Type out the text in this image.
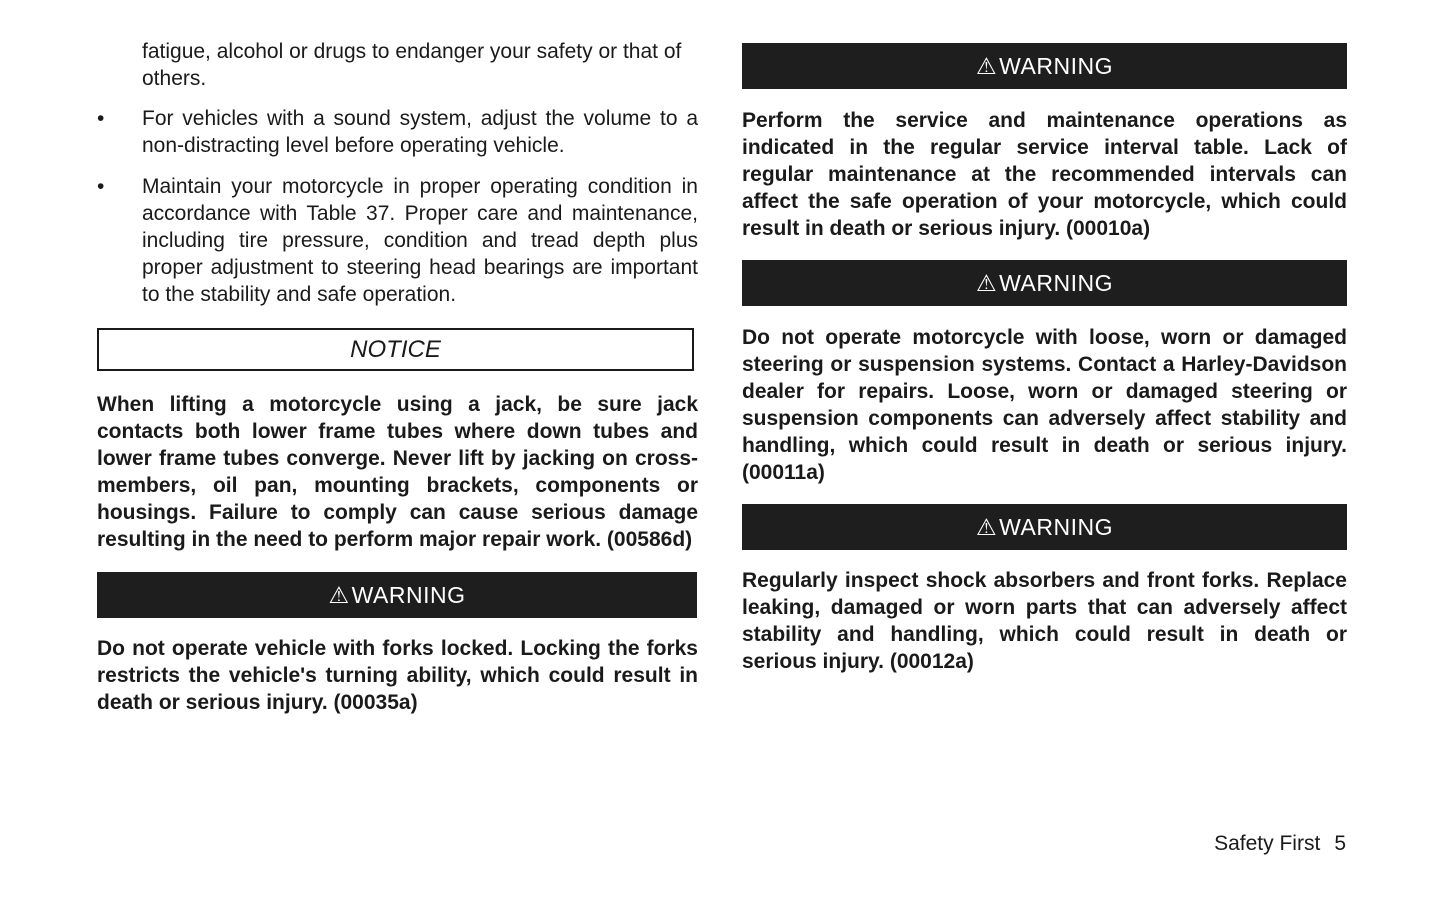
fatigue, alcohol or drugs to endanger your safety or that of others.

• For vehicles with a sound system, adjust the volume to a non-distracting level before operating vehicle.

• Maintain your motorcycle in proper operating condition in accordance with Table 37. Proper care and maintenance, including tire pressure, condition and tread depth plus proper adjustment to steering head bearings are important to the stability and safe operation.

NOTICE

When lifting a motorcycle using a jack, be sure jack contacts both lower frame tubes where down tubes and lower frame tubes converge. Never lift by jacking on cross-members, oil pan, mounting brackets, components or housings. Failure to comply can cause serious damage resulting in the need to perform major repair work. (00586d)

⚠ WARNING

Do not operate vehicle with forks locked. Locking the forks restricts the vehicle's turning ability, which could result in death or serious injury. (00035a)

⚠ WARNING

Perform the service and maintenance operations as indicated in the regular service interval table. Lack of regular maintenance at the recommended intervals can affect the safe operation of your motorcycle, which could result in death or serious injury. (00010a)

⚠ WARNING

Do not operate motorcycle with loose, worn or damaged steering or suspension systems. Contact a Harley-Davidson dealer for repairs. Loose, worn or damaged steering or suspension components can adversely affect stability and handling, which could result in death or serious injury. (00011a)

⚠ WARNING

Regularly inspect shock absorbers and front forks. Replace leaking, damaged or worn parts that can adversely affect stability and handling, which could result in death or serious injury. (00012a)

Safety First 5
